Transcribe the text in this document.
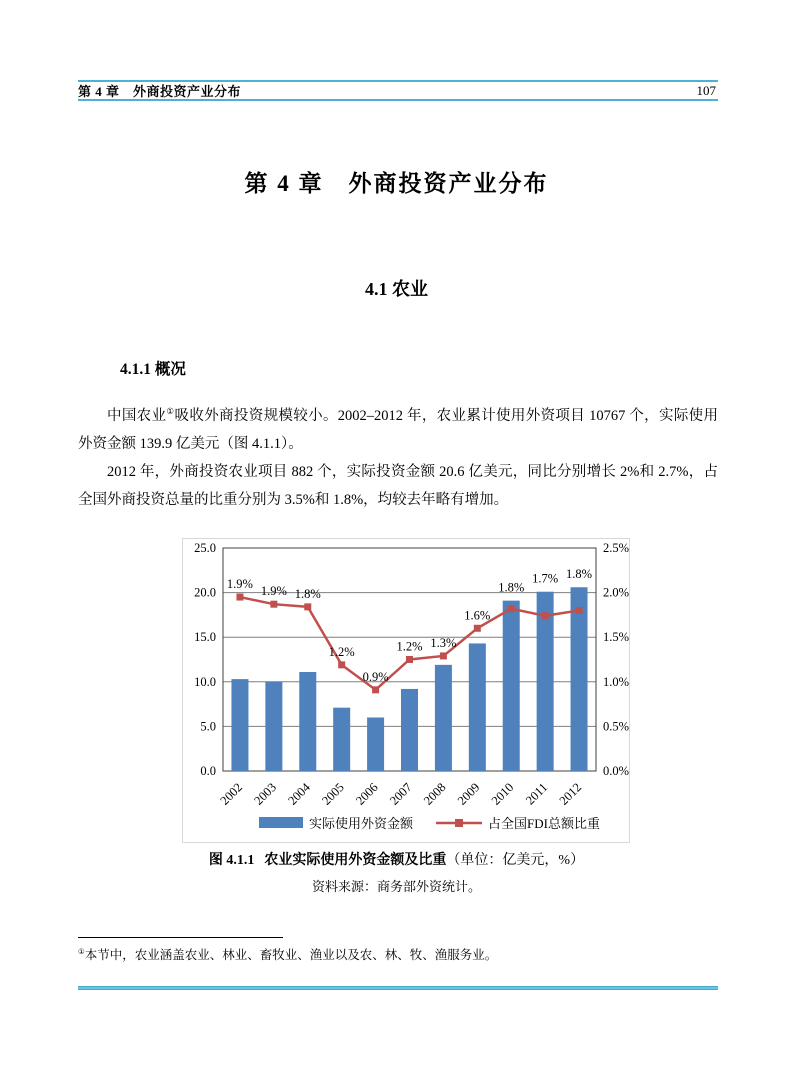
第 4 章　外商投资产业分布	107
第 4 章　外商投资产业分布
4.1 农业
4.1.1 概况

中国农业①吸收外商投资规模较小。2002–2012 年，农业累计使用外资项目 10767 个，实际使用外资金额 139.9 亿美元（图 4.1.1）。

2012 年，外商投资农业项目 882 个，实际投资金额 20.6 亿美元，同比分别增长 2%和 2.7%，占全国外商投资总量的比重分别为 3.5%和 1.8%，均较去年略有增加。

0.0
5.0
10.0
15.0
20.0
25.0
0.0%
0.5%
1.0%
1.5%
2.0%
2.5%
2002 2003 2004 2005 2006 2007 2008 2009 2010 2011 2012
1.9%
1.9% 1.8%
1.2%
0.9%
1.2% 1.3%
1.6%
1.8%
1.7% 1.8%
实际使用外资金额	占全国FDI总额比重
图 4.1.1 农业实际使用外资金额及比重（单位：亿美元，%）
资料来源：商务部外资统计。
①本节中，农业涵盖农业、林业、畜牧业、渔业以及农、林、牧、渔服务业。
